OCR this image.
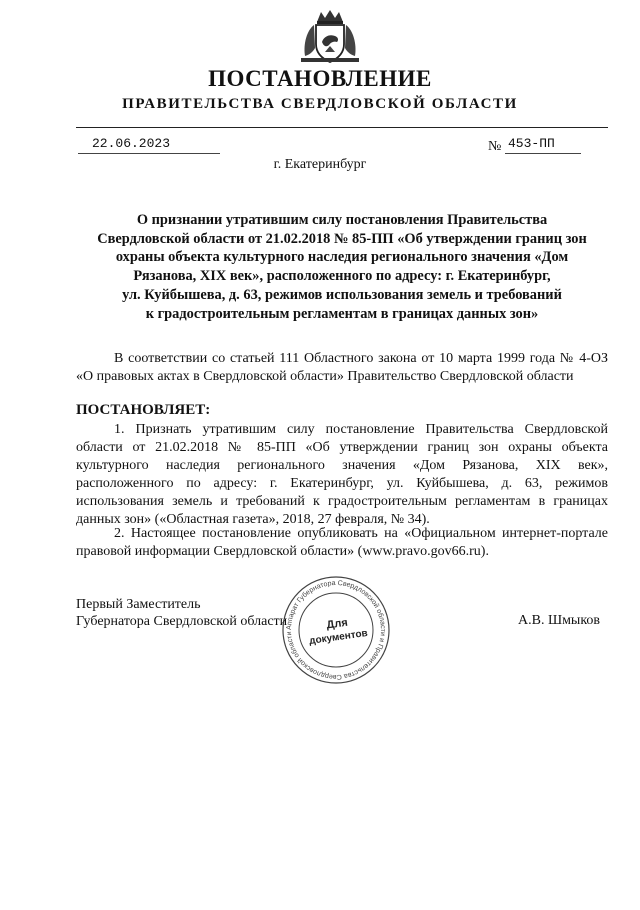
ПОСТАНОВЛЕНИЕ
ПРАВИТЕЛЬСТВА СВЕРДЛОВСКОЙ ОБЛАСТИ
22.06.2023	№ 453-ПП
г. Екатеринбург
О признании утратившим силу постановления Правительства
Свердловской области от 21.02.2018 № 85-ПП «Об утверждении границ зон
охраны объекта культурного наследия регионального значения «Дом
Рязанова, XIX век», расположенного по адресу: г. Екатеринбург,
ул. Куйбышева, д. 63, режимов использования земель и требований
к градостроительным регламентам в границах данных зон»
В соответствии со статьей 111 Областного закона от 10 марта 1999 года № 4-ОЗ «О правовых актах в Свердловской области» Правительство Свердловской области
ПОСТАНОВЛЯЕТ:
1. Признать утратившим силу постановление Правительства Свердловской области от 21.02.2018 № 85-ПП «Об утверждении границ зон охраны объекта культурного наследия регионального значения «Дом Рязанова, XIX век», расположенного по адресу: г. Екатеринбург, ул. Куйбышева, д. 63, режимов использования земель и требований к градостроительным регламентам в границах данных зон» («Областная газета», 2018, 27 февраля, № 34).
2. Настоящее постановление опубликовать на «Официальном интернет-портале правовой информации Свердловской области» (www.pravo.gov66.ru).
Первый Заместитель
Губернатора Свердловской области	А.В. Шмыков
Аппарат Губернатора Свердловской области и Правительства Свердловской области
Для
документов
